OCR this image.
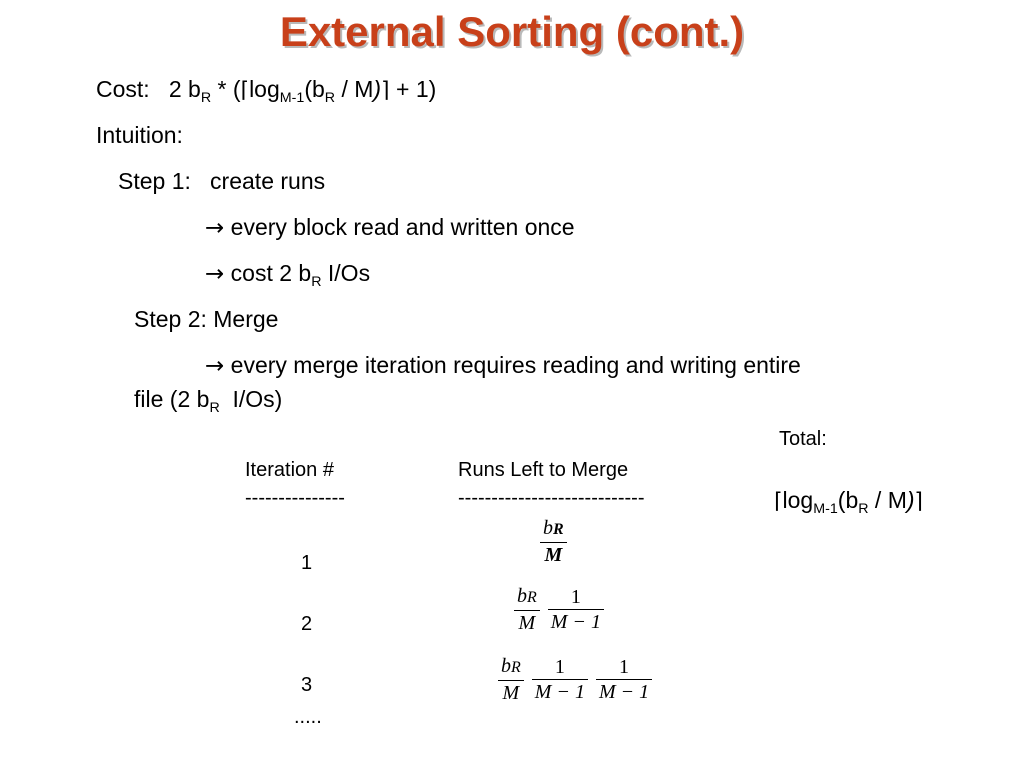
External Sorting (cont.)
Cost: 2 $b_R$ * ($⌈\log_{M-1}(b_R$ / M)⌉ + 1)
Intuition:
Step 1:   create runs
→ every block read and written once
→ cost 2 $b_R$ I/Os
Step 2: Merge
→ every merge iteration requires reading and writing entire
file (2 $b_R$  I/Os)
Total:
$⌈\log_{M-1}(b_R$ / M)⌉
Iteration #
---------------
Runs Left to Merge
----------------------------
1
2
3
.....
$\frac{bR}{M}$
$\frac{bR}{M} \frac{1}{M - 1}$
$\frac{bR}{M} \frac{1}{M - 1} \frac{1}{M - 1}$
